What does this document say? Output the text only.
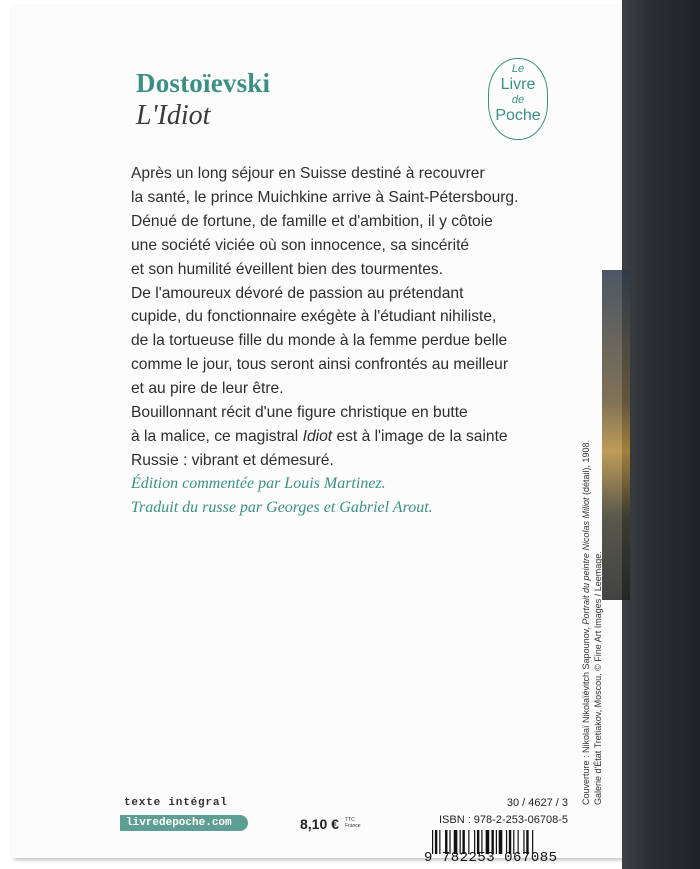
Dostoïevski
L'Idiot
Le
Livre
de
Poche
Après un long séjour en Suisse destiné à recouvrer
la santé, le prince Muichkine arrive à Saint-Pétersbourg.
Dénué de fortune, de famille et d'ambition, il y côtoie
une société viciée où son innocence, sa sincérité
et son humilité éveillent bien des tourmentes.
De l'amoureux dévoré de passion au prétendant
cupide, du fonctionnaire exégète à l'étudiant nihiliste,
de la tortueuse fille du monde à la femme perdue belle
comme le jour, tous seront ainsi confrontés au meilleur
et au pire de leur être.
Bouillonnant récit d'une figure christique en butte
à la malice, ce magistral Idiot est à l'image de la sainte
Russie : vibrant et démesuré.
Édition commentée par Louis Martinez.
Traduit du russe par Georges et Gabriel Arout.
Couverture : Nikolaï Nikolaïévitch Sapounov, Portrait du peintre Nicolas Miliot (détail), 1908.
Galerie d'État Tretiakov, Moscou. © Fine Art Images / Leemage.
texte intégral
livredepoche.com	8,10 € TTC
France
30 / 4627 / 3
ISBN : 978-2-253-06708-5
9 782253 067085
